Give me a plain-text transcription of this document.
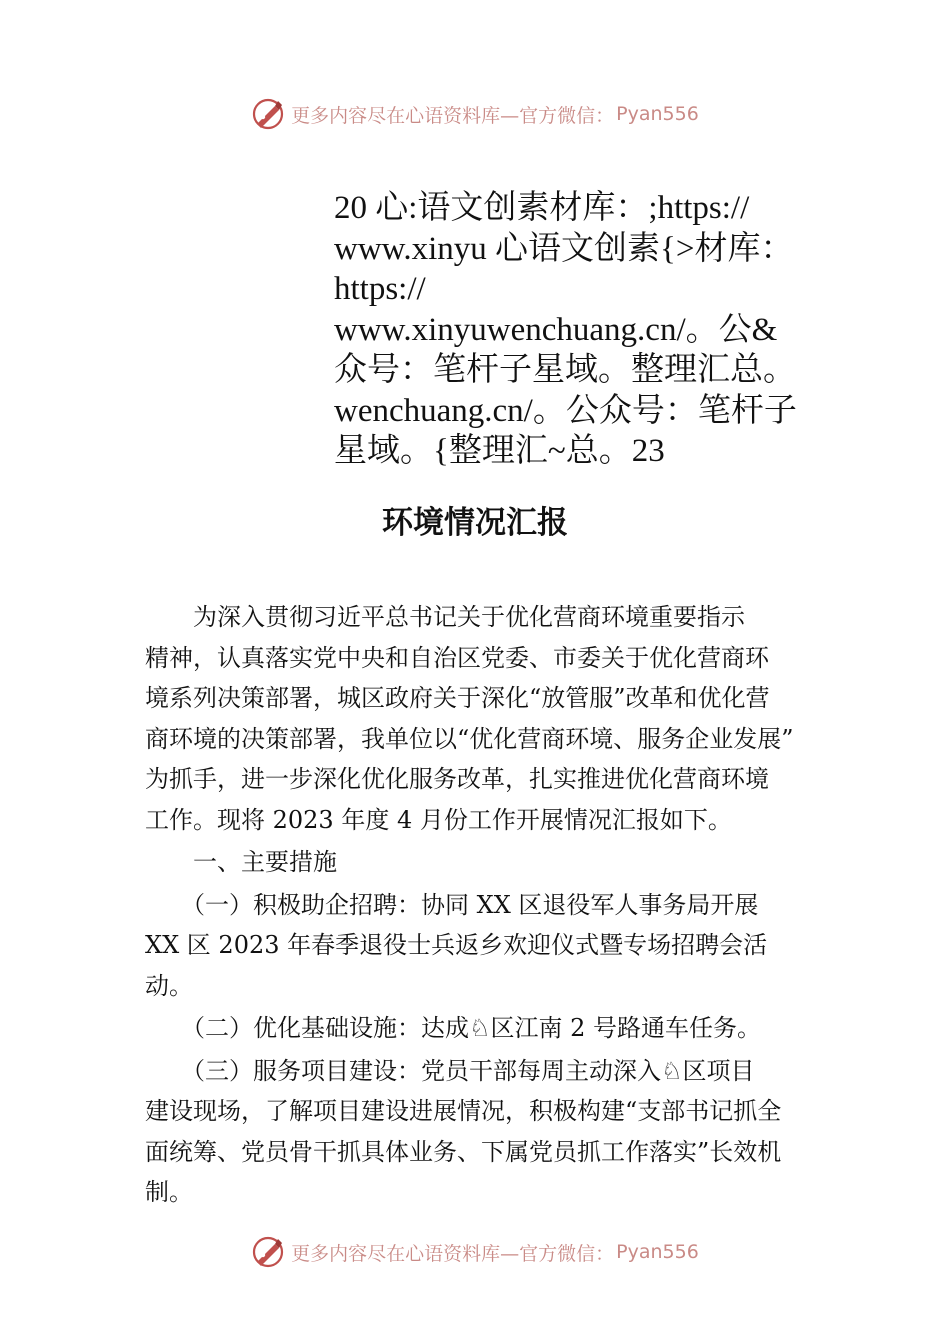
更多内容尽在心语资料库—官方微信： Pyan556
20 心:语文创素材库：;https://
www.xinyu 心语文创素{>材库：
https://
www.xinyuwenchuang.cn/。公&
众号：笔杆子星域。整理汇总。
wenchuang.cn/。公众号：笔杆子
星域。{整理汇~总。23
环境情况汇报
　　为深入贯彻习近平总书记关于优化营商环境重要指示
精神，认真落实党中央和自治区党委、市委关于优化营商环
境系列决策部署，城区政府关于深化“放管服”改革和优化营
商环境的决策部署，我单位以“优化营商环境、服务企业发展”
为抓手，进一步深化优化服务改革，扎实推进优化营商环境
工作。现将 2023 年度 4 月份工作开展情况汇报如下。
　　一、主要措施
　　（一）积极助企招聘：协同 XX 区退役军人事务局开展
XX 区 2023 年春季退役士兵返乡欢迎仪式暨专场招聘会活
动。
　　（二）优化基础设施：达成♘区江南 2 号路通车任务。
　　（三）服务项目建设：党员干部每周主动深入♘区项目
建设现场，了解项目建设进展情况，积极构建“支部书记抓全
面统筹、党员骨干抓具体业务、下属党员抓工作落实”长效机
制。
更多内容尽在心语资料库—官方微信： Pyan556
